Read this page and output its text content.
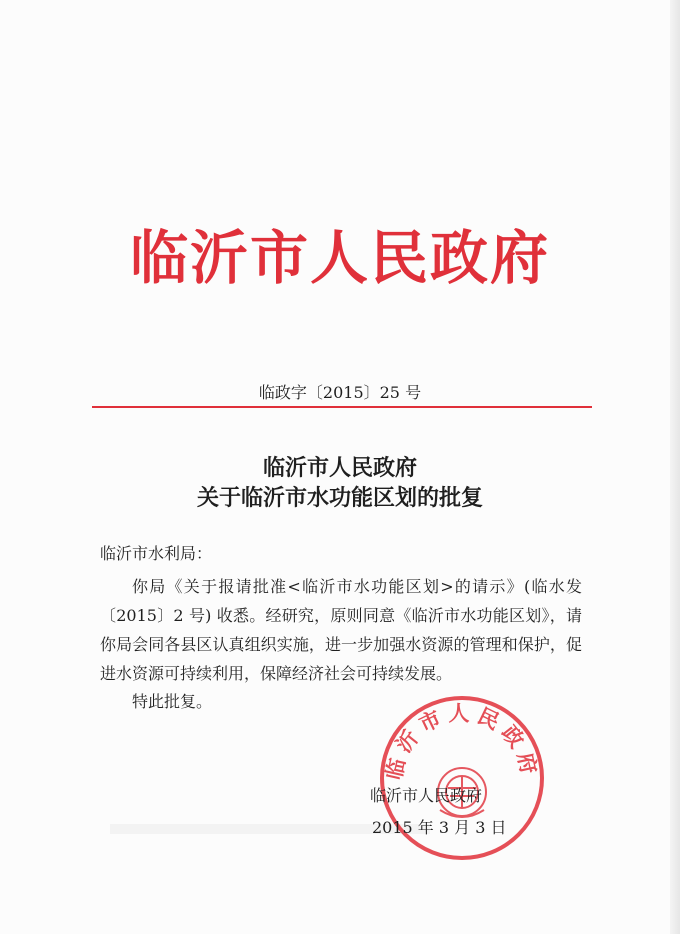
临沂市人民政府
临政字〔2015〕25 号
临沂市人民政府
关于临沂市水功能区划的批复
临沂市水利局：

你局《关于报请批准<临沂市水功能区划>的请示》(临水发〔2015〕2 号) 收悉。经研究，原则同意《临沂市水功能区划》，请你局会同各县区认真组织实施，进一步加强水资源的管理和保护，促进水资源可持续利用，保障经济社会可持续发展。

特此批复。
临沂市人民政府
临沂市人民政府
2015 年 3 月 3 日
